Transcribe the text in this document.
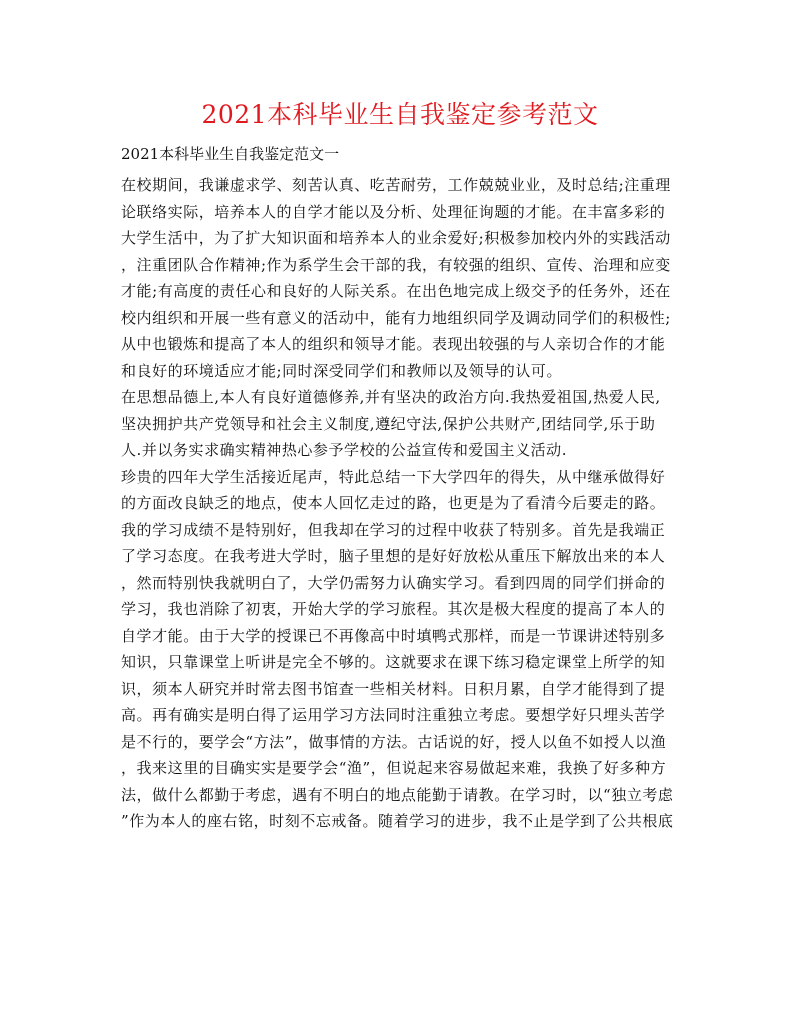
2021本科毕业生自我鉴定参考范文
2021本科毕业生自我鉴定范文一
在校期间，我谦虚求学、刻苦认真、吃苦耐劳，工作兢兢业业，及时总结;注重理
论联络实际，培养本人的自学才能以及分析、处理征询题的才能。在丰富多彩的
大学生活中，为了扩大知识面和培养本人的业余爱好;积极参加校内外的实践活动
，注重团队合作精神;作为系学生会干部的我，有较强的组织、宣传、治理和应变
才能;有高度的责任心和良好的人际关系。在出色地完成上级交予的任务外，还在
校内组织和开展一些有意义的活动中，能有力地组织同学及调动同学们的积极性;
从中也锻炼和提高了本人的组织和领导才能。表现出较强的与人亲切合作的才能
和良好的环境适应才能;同时深受同学们和教师以及领导的认可。
在思想品德上,本人有良好道德修养,并有坚决的政治方向.我热爱祖国,热爱人民,
坚决拥护共产党领导和社会主义制度,遵纪守法,保护公共财产,团结同学,乐于助
人.并以务实求确实精神热心参予学校的公益宣传和爱国主义活动.
珍贵的四年大学生活接近尾声，特此总结一下大学四年的得失，从中继承做得好
的方面改良缺乏的地点，使本人回忆走过的路，也更是为了看清今后要走的路。
我的学习成绩不是特别好，但我却在学习的过程中收获了特别多。首先是我端正
了学习态度。在我考进大学时，脑子里想的是好好放松从重压下解放出来的本人
，然而特别快我就明白了，大学仍需努力认确实学习。看到四周的同学们拼命的
学习，我也消除了初衷，开始大学的学习旅程。其次是极大程度的提高了本人的
自学才能。由于大学的授课已不再像高中时填鸭式那样，而是一节课讲述特别多
知识，只靠课堂上听讲是完全不够的。这就要求在课下练习稳定课堂上所学的知
识，须本人研究并时常去图书馆查一些相关材料。日积月累，自学才能得到了提
高。再有确实是明白得了运用学习方法同时注重独立考虑。要想学好只埋头苦学
是不行的，要学会“方法”，做事情的方法。古话说的好，授人以鱼不如授人以渔
，我来这里的目确实实是要学会“渔”，但说起来容易做起来难，我换了好多种方
法，做什么都勤于考虑，遇有不明白的地点能勤于请教。在学习时，以“独立考虑
”作为本人的座右铭，时刻不忘戒备。随着学习的进步，我不止是学到了公共根底
